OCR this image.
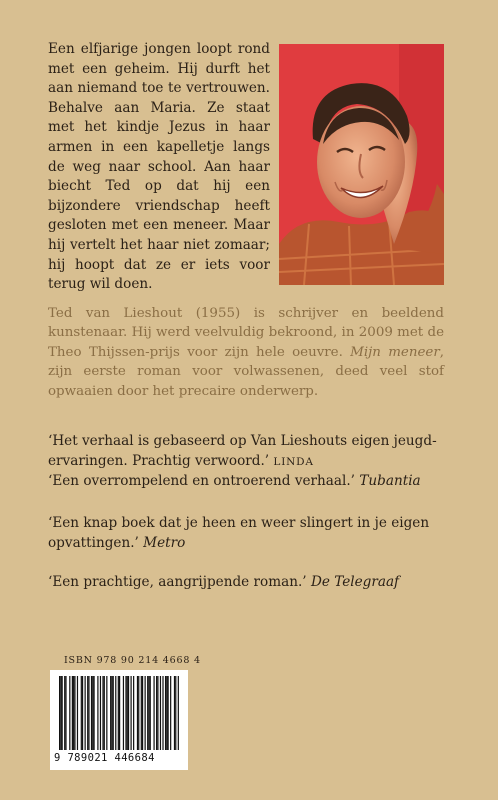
Een elfjarige jongen loopt rond met een geheim. Hij durft het aan niemand toe te vertrouwen. Behalve aan Maria. Ze staat met het kindje Jezus in haar armen in een kapelletje langs de weg naar school. Aan haar biecht Ted op dat hij een bijzondere vriendschap heeft gesloten met een meneer. Maar hij vertelt het haar niet zomaar; hij hoopt dat ze er iets voor terug wil doen.

Ted van Lieshout (1955) is schrijver en beeldend kunstenaar. Hij werd veelvuldig bekroond, in 2009 met de Theo Thijssen-prijs voor zijn hele oeuvre. Mijn meneer, zijn eerste roman voor volwassenen, deed veel stof opwaaien door het precaire onderwerp.

‘Het verhaal is gebaseerd op Van Lieshouts eigen jeugdervaringen. Prachtig verwoord.’ LINDA

‘Een overrompelend en ontroerend verhaal.’ Tubantia

‘Een knap boek dat je heen en weer slingert in je eigen opvattingen.’ Metro

‘Een prachtige, aangrijpende roman.’ De Telegraaf

ISBN 978 90 214 4668 4
9 789021 446684
